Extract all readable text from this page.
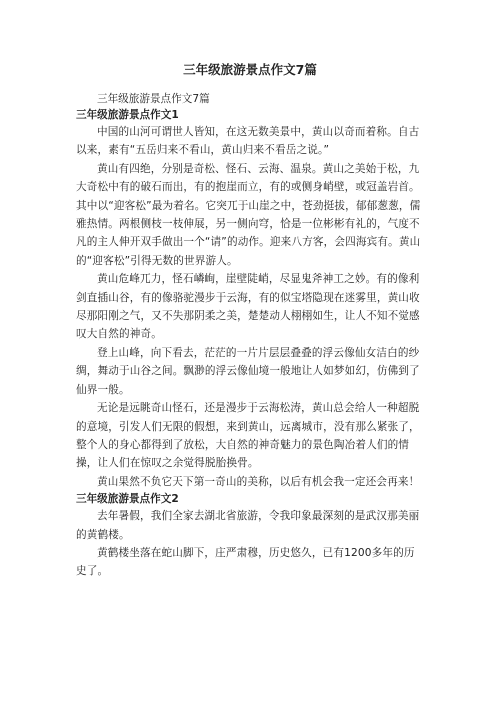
三年级旅游景点作文7篇
三年级旅游景点作文7篇
三年级旅游景点作文1

中国的山河可谓世人皆知，在这无数美景中，黄山以奇而着称。自古以来，素有“五岳归来不看山，黄山归来不看岳之说。”

黄山有四绝，分别是奇松、怪石、云海、温泉。黄山之美始于松，九大奇松中有的破石而出，有的抱崖而立，有的或侧身峭壁，或冠盖岩首。其中以“迎客松”最为着名。它突兀于山崖之中，苍劲挺拔，郁郁葱葱，儒雅热情。两根侧枝一枝伸展，另一侧向穹，恰是一位彬彬有礼的，气度不凡的主人伸开双手做出一个“请”的动作。迎来八方客，会四海宾有。黄山的“迎客松”引得无数的世界游人。

黄山危峰兀力，怪石嶙峋，崖壁陡峭，尽显鬼斧神工之妙。有的像利剑直插山谷，有的像骆驼漫步于云海，有的似宝塔隐现在迷雾里，黄山收尽那阳刚之气，又不失那阴柔之美，楚楚动人栩栩如生，让人不知不觉感叹大自然的神奇。

登上山峰，向下看去，茫茫的一片片层层叠叠的浮云像仙女洁白的纱绸，舞动于山谷之间。飘渺的浮云像仙境一般地让人如梦如幻，仿佛到了仙界一般。

无论是远眺奇山怪石，还是漫步于云海松涛，黄山总会给人一种超脱的意境，引发人们无限的假想，来到黄山，远离城市，没有那么紧张了，整个人的身心都得到了放松，大自然的神奇魅力的景色陶冶着人们的情操，让人们在惊叹之余觉得脱胎换骨。

黄山果然不负它天下第一奇山的美称，以后有机会我一定还会再来！

三年级旅游景点作文2

去年暑假，我们全家去湖北省旅游，令我印象最深刻的是武汉那美丽的黄鹤楼。

黄鹤楼坐落在蛇山脚下，庄严肃穆，历史悠久，已有1200多年的历史了。
